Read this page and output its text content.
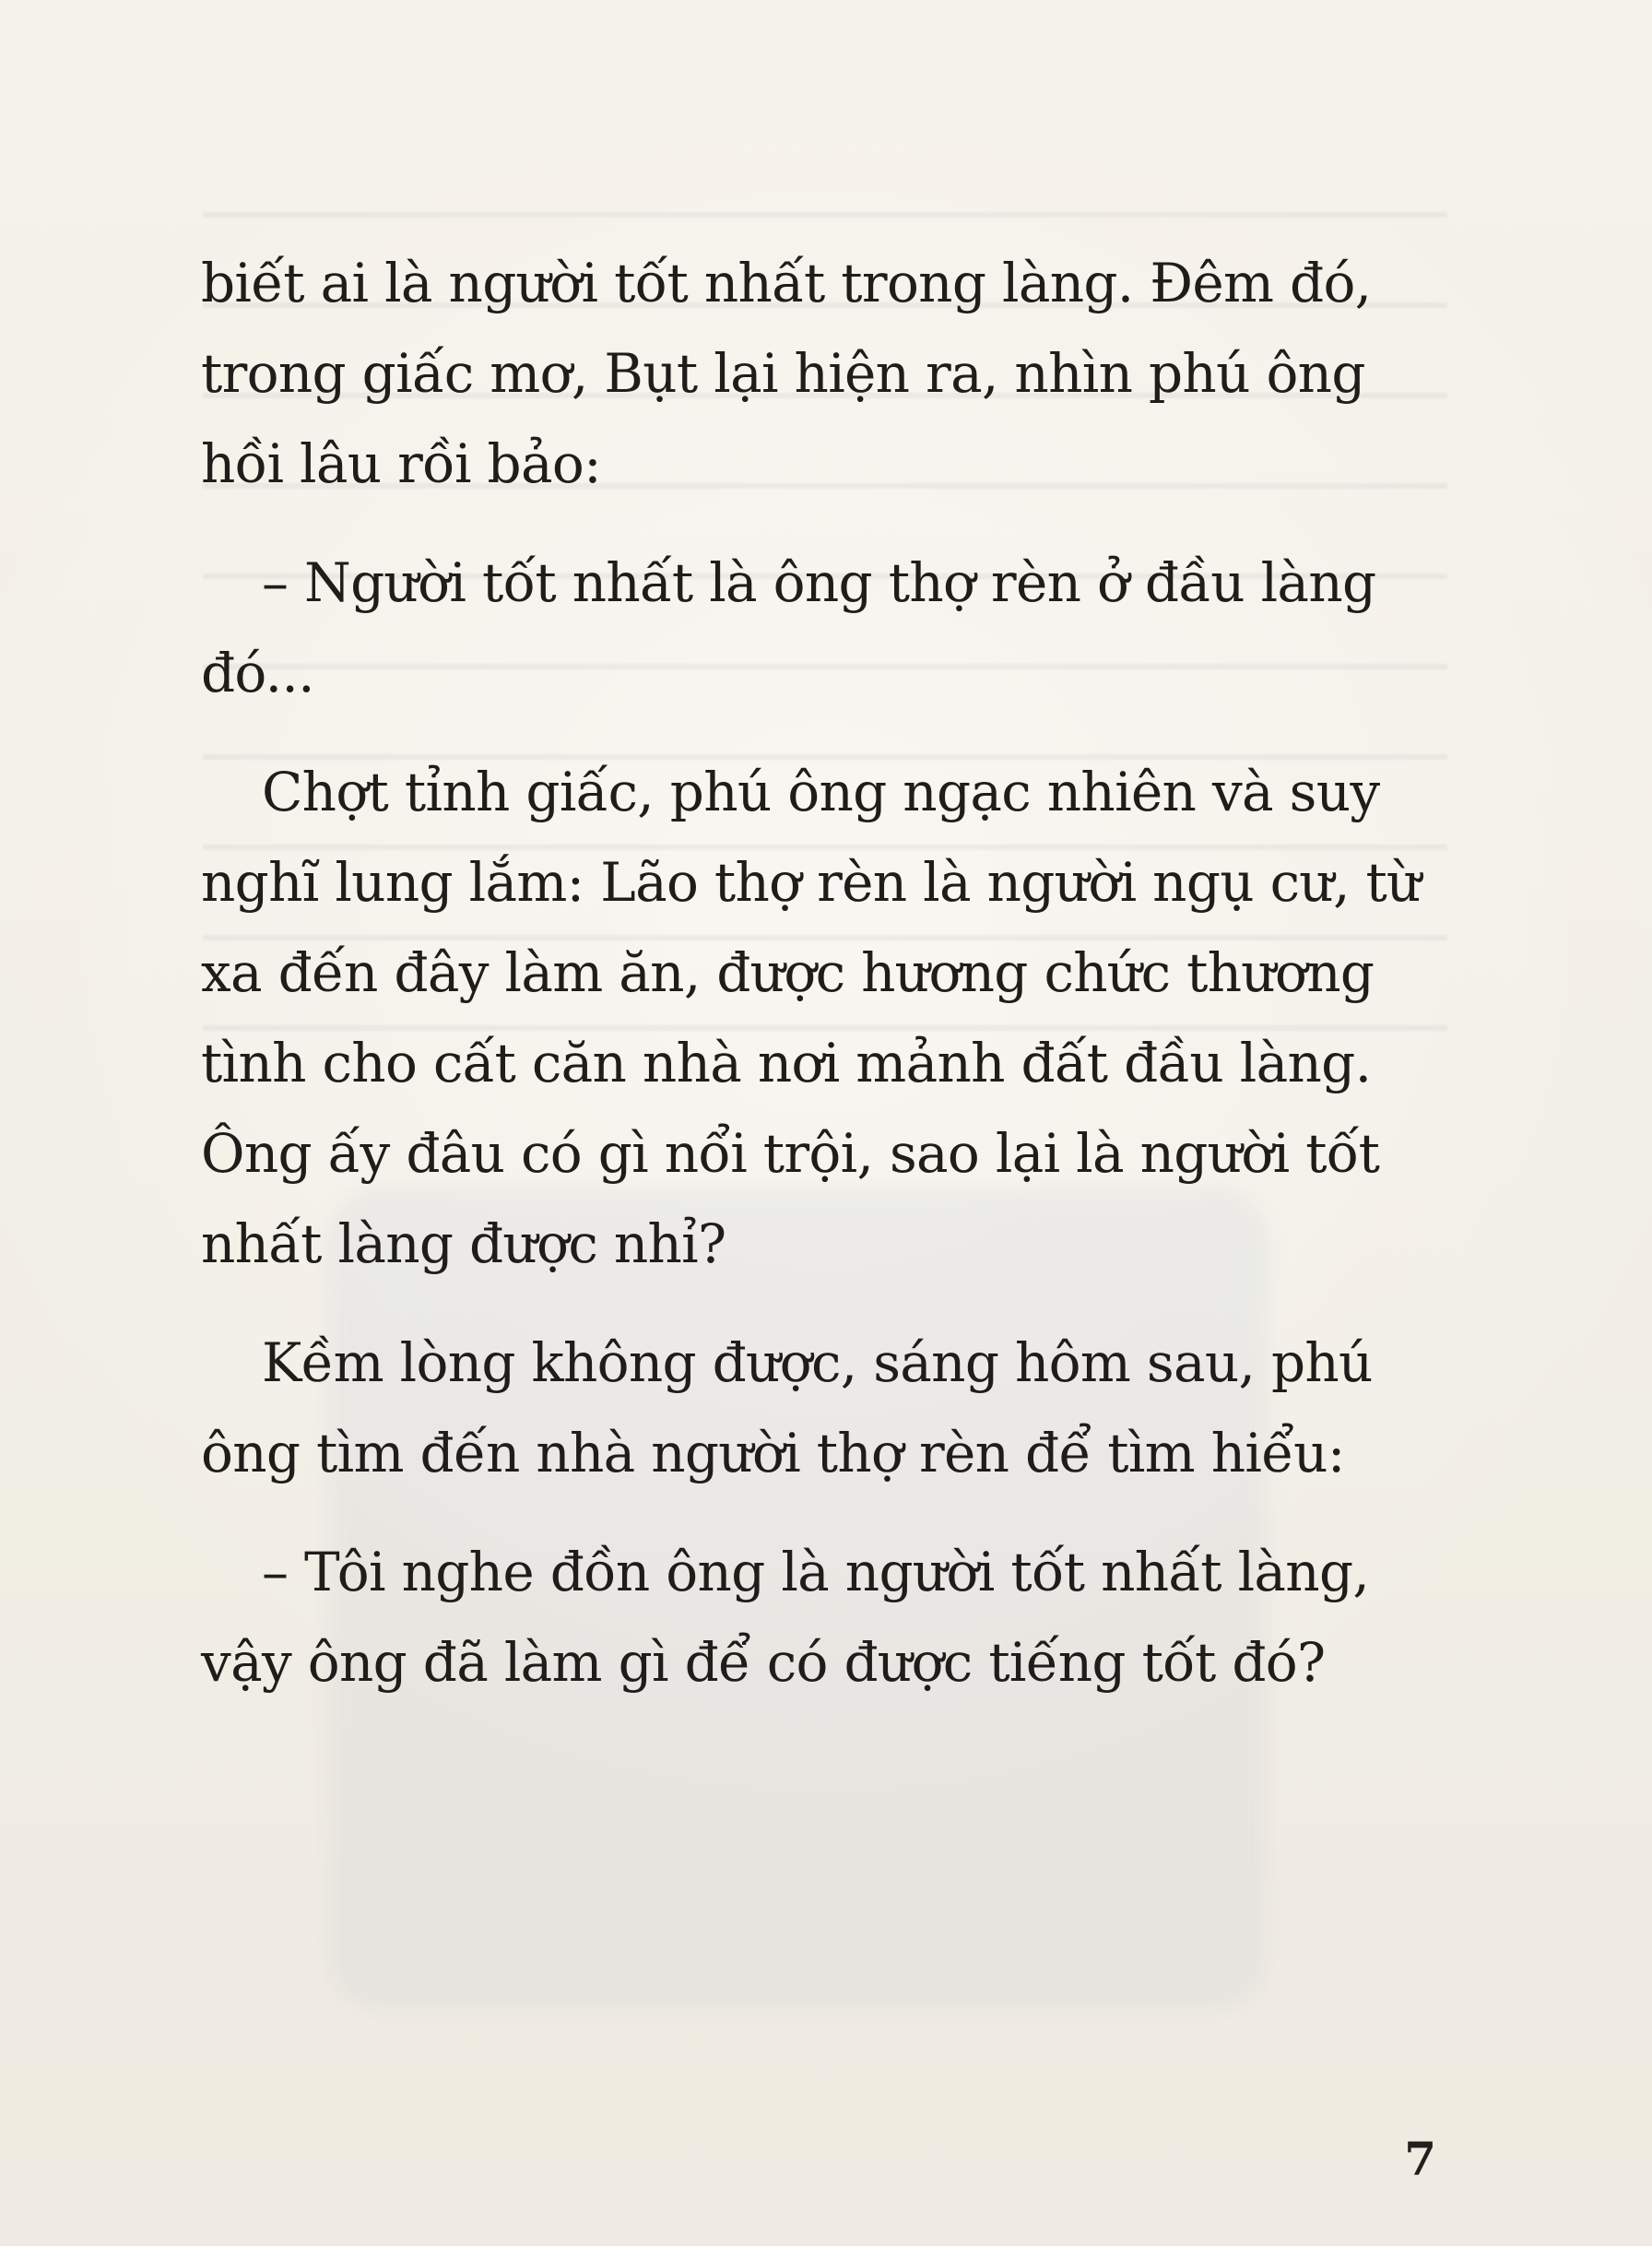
biết ai là người tốt nhất trong làng. Đêm đó, trong giấc mơ, Bụt lại hiện ra, nhìn phú ông hồi lâu rồi bảo:

– Người tốt nhất là ông thợ rèn ở đầu làng đó...

Chợt tỉnh giấc, phú ông ngạc nhiên và suy nghĩ lung lắm: Lão thợ rèn là người ngụ cư, từ xa đến đây làm ăn, được hương chức thương tình cho cất căn nhà nơi mảnh đất đầu làng. Ông ấy đâu có gì nổi trội, sao lại là người tốt nhất làng được nhỉ?

Kềm lòng không được, sáng hôm sau, phú ông tìm đến nhà người thợ rèn để tìm hiểu:

– Tôi nghe đồn ông là người tốt nhất làng, vậy ông đã làm gì để có được tiếng tốt đó?

7
